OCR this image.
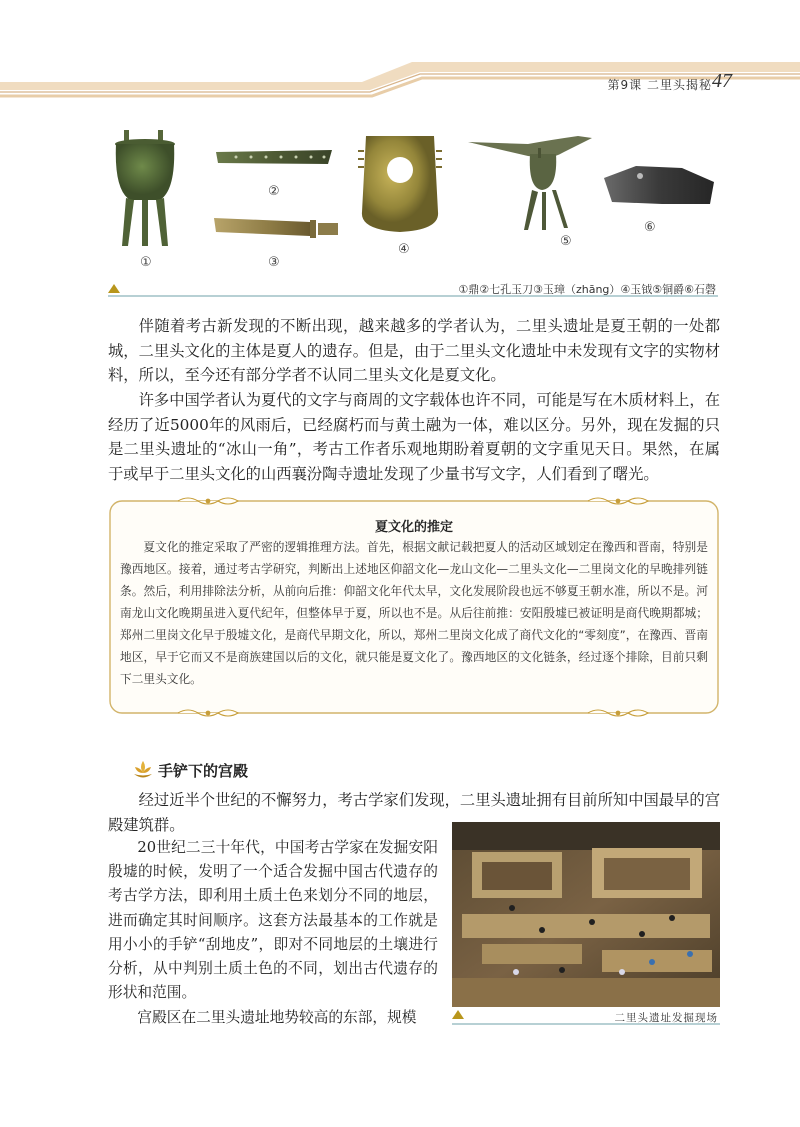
第9课 二里头揭秘 47
①
②
③
④
⑤
⑥
①鼎②七孔玉刀③玉璋（zhāng）④玉钺⑤铜爵⑥石磬

伴随着考古新发现的不断出现，越来越多的学者认为，二里头遗址是夏王朝的一处都城，二里头文化的主体是夏人的遗存。但是，由于二里头文化遗址中未发现有文字的实物材料，所以，至今还有部分学者不认同二里头文化是夏文化。

许多中国学者认为夏代的文字与商周的文字载体也许不同，可能是写在木质材料上，在经历了近5000年的风雨后，已经腐朽而与黄土融为一体，难以区分。另外，现在发掘的只是二里头遗址的“冰山一角”，考古工作者乐观地期盼着夏朝的文字重见天日。果然，在属于或早于二里头文化的山西襄汾陶寺遗址发现了少量书写文字，人们看到了曙光。

夏文化的推定

夏文化的推定采取了严密的逻辑推理方法。首先，根据文献记载把夏人的活动区域划定在豫西和晋南，特别是豫西地区。接着，通过考古学研究，判断出上述地区仰韶文化—龙山文化—二里头文化—二里岗文化的早晚排列链条。然后，利用排除法分析，从前向后推：仰韶文化年代太早，文化发展阶段也远不够夏王朝水准，所以不是。河南龙山文化晚期虽进入夏代纪年，但整体早于夏，所以也不是。从后往前推：安阳殷墟已被证明是商代晚期都城；郑州二里岗文化早于殷墟文化，是商代早期文化，所以，郑州二里岗文化成了商代文化的“零刻度”，在豫西、晋南地区，早于它而又不是商族建国以后的文化，就只能是夏文化了。豫西地区的文化链条，经过逐个排除，目前只剩下二里头文化。

手铲下的宫殿

经过近半个世纪的不懈努力，考古学家们发现，二里头遗址拥有目前所知中国最早的宫殿建筑群。

二里头遗址发掘现场

20世纪二三十年代，中国考古学家在发掘安阳殷墟的时候，发明了一个适合发掘中国古代遗存的考古学方法，即利用土质土色来划分不同的地层，进而确定其时间顺序。这套方法最基本的工作就是用小小的手铲“刮地皮”，即对不同地层的土壤进行分析，从中判别土质土色的不同，划出古代遗存的形状和范围。

宫殿区在二里头遗址地势较高的东部，规模
